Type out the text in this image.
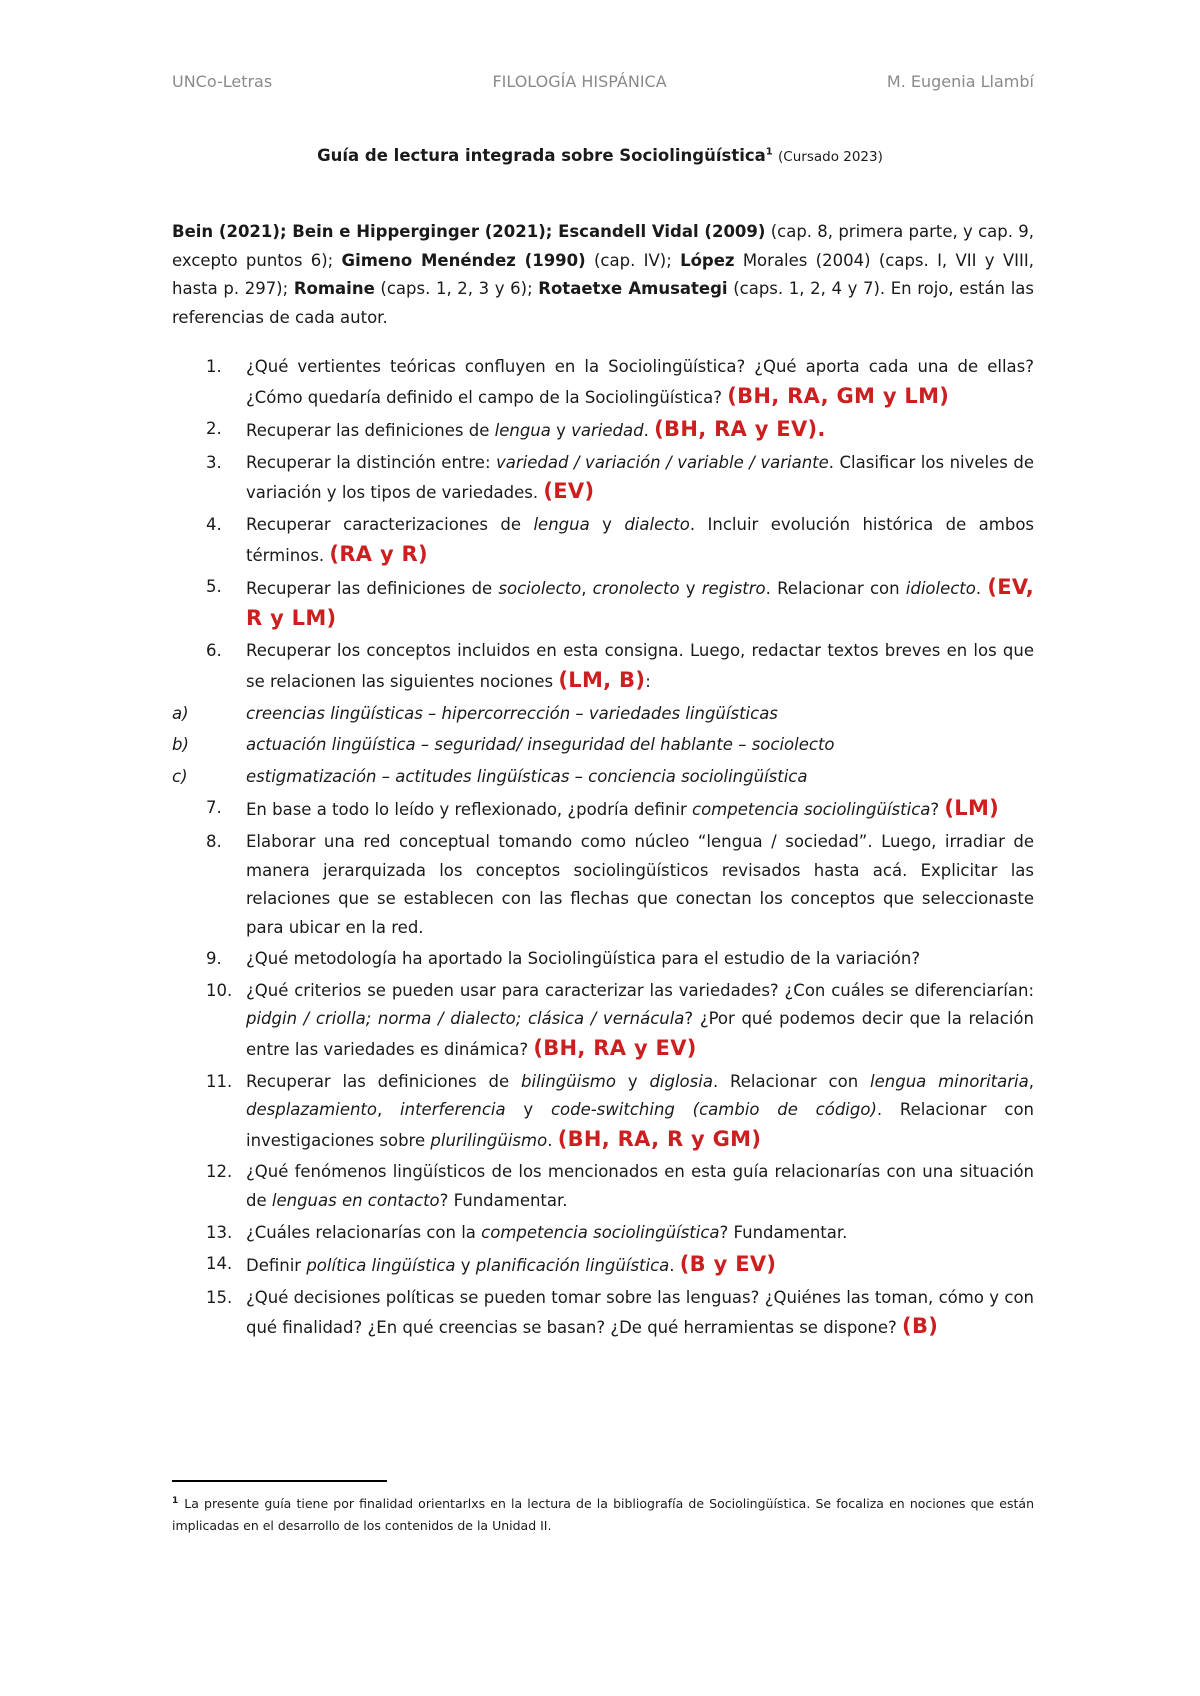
UNCo-Letras	FILOLOGÍA HISPÁNICA	M. Eugenia Llambí
Guía de lectura integrada sobre Sociolingüística$^1$ (Cursado 2023)
Bein (2021); Bein e Hipperginger (2021); Escandell Vidal (2009) (cap. 8, primera parte, y cap. 9, excepto puntos 6); Gimeno Menéndez (1990) (cap. IV); López Morales (2004) (caps. I, VII y VIII, hasta p. 297); Romaine (caps. 1, 2, 3 y 6); Rotaetxe Amusategi (caps. 1, 2, 4 y 7). En rojo, están las referencias de cada autor.
1.	¿Qué vertientes teóricas confluyen en la Sociolingüística? ¿Qué aporta cada una de ellas? ¿Cómo quedaría definido el campo de la Sociolingüística? (BH, RA, GM y LM)
2.	Recuperar las definiciones de lengua y variedad. (BH, RA y EV).
3.	Recuperar la distinción entre: variedad / variación / variable / variante. Clasificar los niveles de variación y los tipos de variedades. (EV)
4.	Recuperar caracterizaciones de lengua y dialecto. Incluir evolución histórica de ambos términos. (RA y R)
5.	Recuperar las definiciones de sociolecto, cronolecto y registro. Relacionar con idiolecto. (EV, R y LM)
6.	Recuperar los conceptos incluidos en esta consigna. Luego, redactar textos breves en los que se relacionen las siguientes nociones (LM, B):
a)	creencias lingüísticas – hipercorrección – variedades lingüísticas
b)	actuación lingüística – seguridad/ inseguridad del hablante – sociolecto
c)	estigmatización – actitudes lingüísticas – conciencia sociolingüística
7.	En base a todo lo leído y reflexionado, ¿podría definir competencia sociolingüística? (LM)
8.	Elaborar una red conceptual tomando como núcleo “lengua / sociedad”. Luego, irradiar de manera jerarquizada los conceptos sociolingüísticos revisados hasta acá. Explicitar las relaciones que se establecen con las flechas que conectan los conceptos que seleccionaste para ubicar en la red.
9.	¿Qué metodología ha aportado la Sociolingüística para el estudio de la variación?
10. ¿Qué criterios se pueden usar para caracterizar las variedades? ¿Con cuáles se diferenciarían: pidgin / criolla; norma / dialecto; clásica / vernácula? ¿Por qué podemos decir que la relación entre las variedades es dinámica? (BH, RA y EV)
11. Recuperar las definiciones de bilingüismo y diglosia. Relacionar con lengua minoritaria, desplazamiento, interferencia y code-switching (cambio de código). Relacionar con investigaciones sobre plurilingüismo. (BH, RA, R y GM)
12. ¿Qué fenómenos lingüísticos de los mencionados en esta guía relacionarías con una situación de lenguas en contacto? Fundamentar.
13. ¿Cuáles relacionarías con la competencia sociolingüística? Fundamentar.
14. Definir política lingüística y planificación lingüística. (B y EV)
15. ¿Qué decisiones políticas se pueden tomar sobre las lenguas? ¿Quiénes las toman, cómo y con qué finalidad? ¿En qué creencias se basan? ¿De qué herramientas se dispone? (B)
$^1$ La presente guía tiene por finalidad orientarlxs en la lectura de la bibliografía de Sociolingüística. Se focaliza en nociones que están implicadas en el desarrollo de los contenidos de la Unidad II.
